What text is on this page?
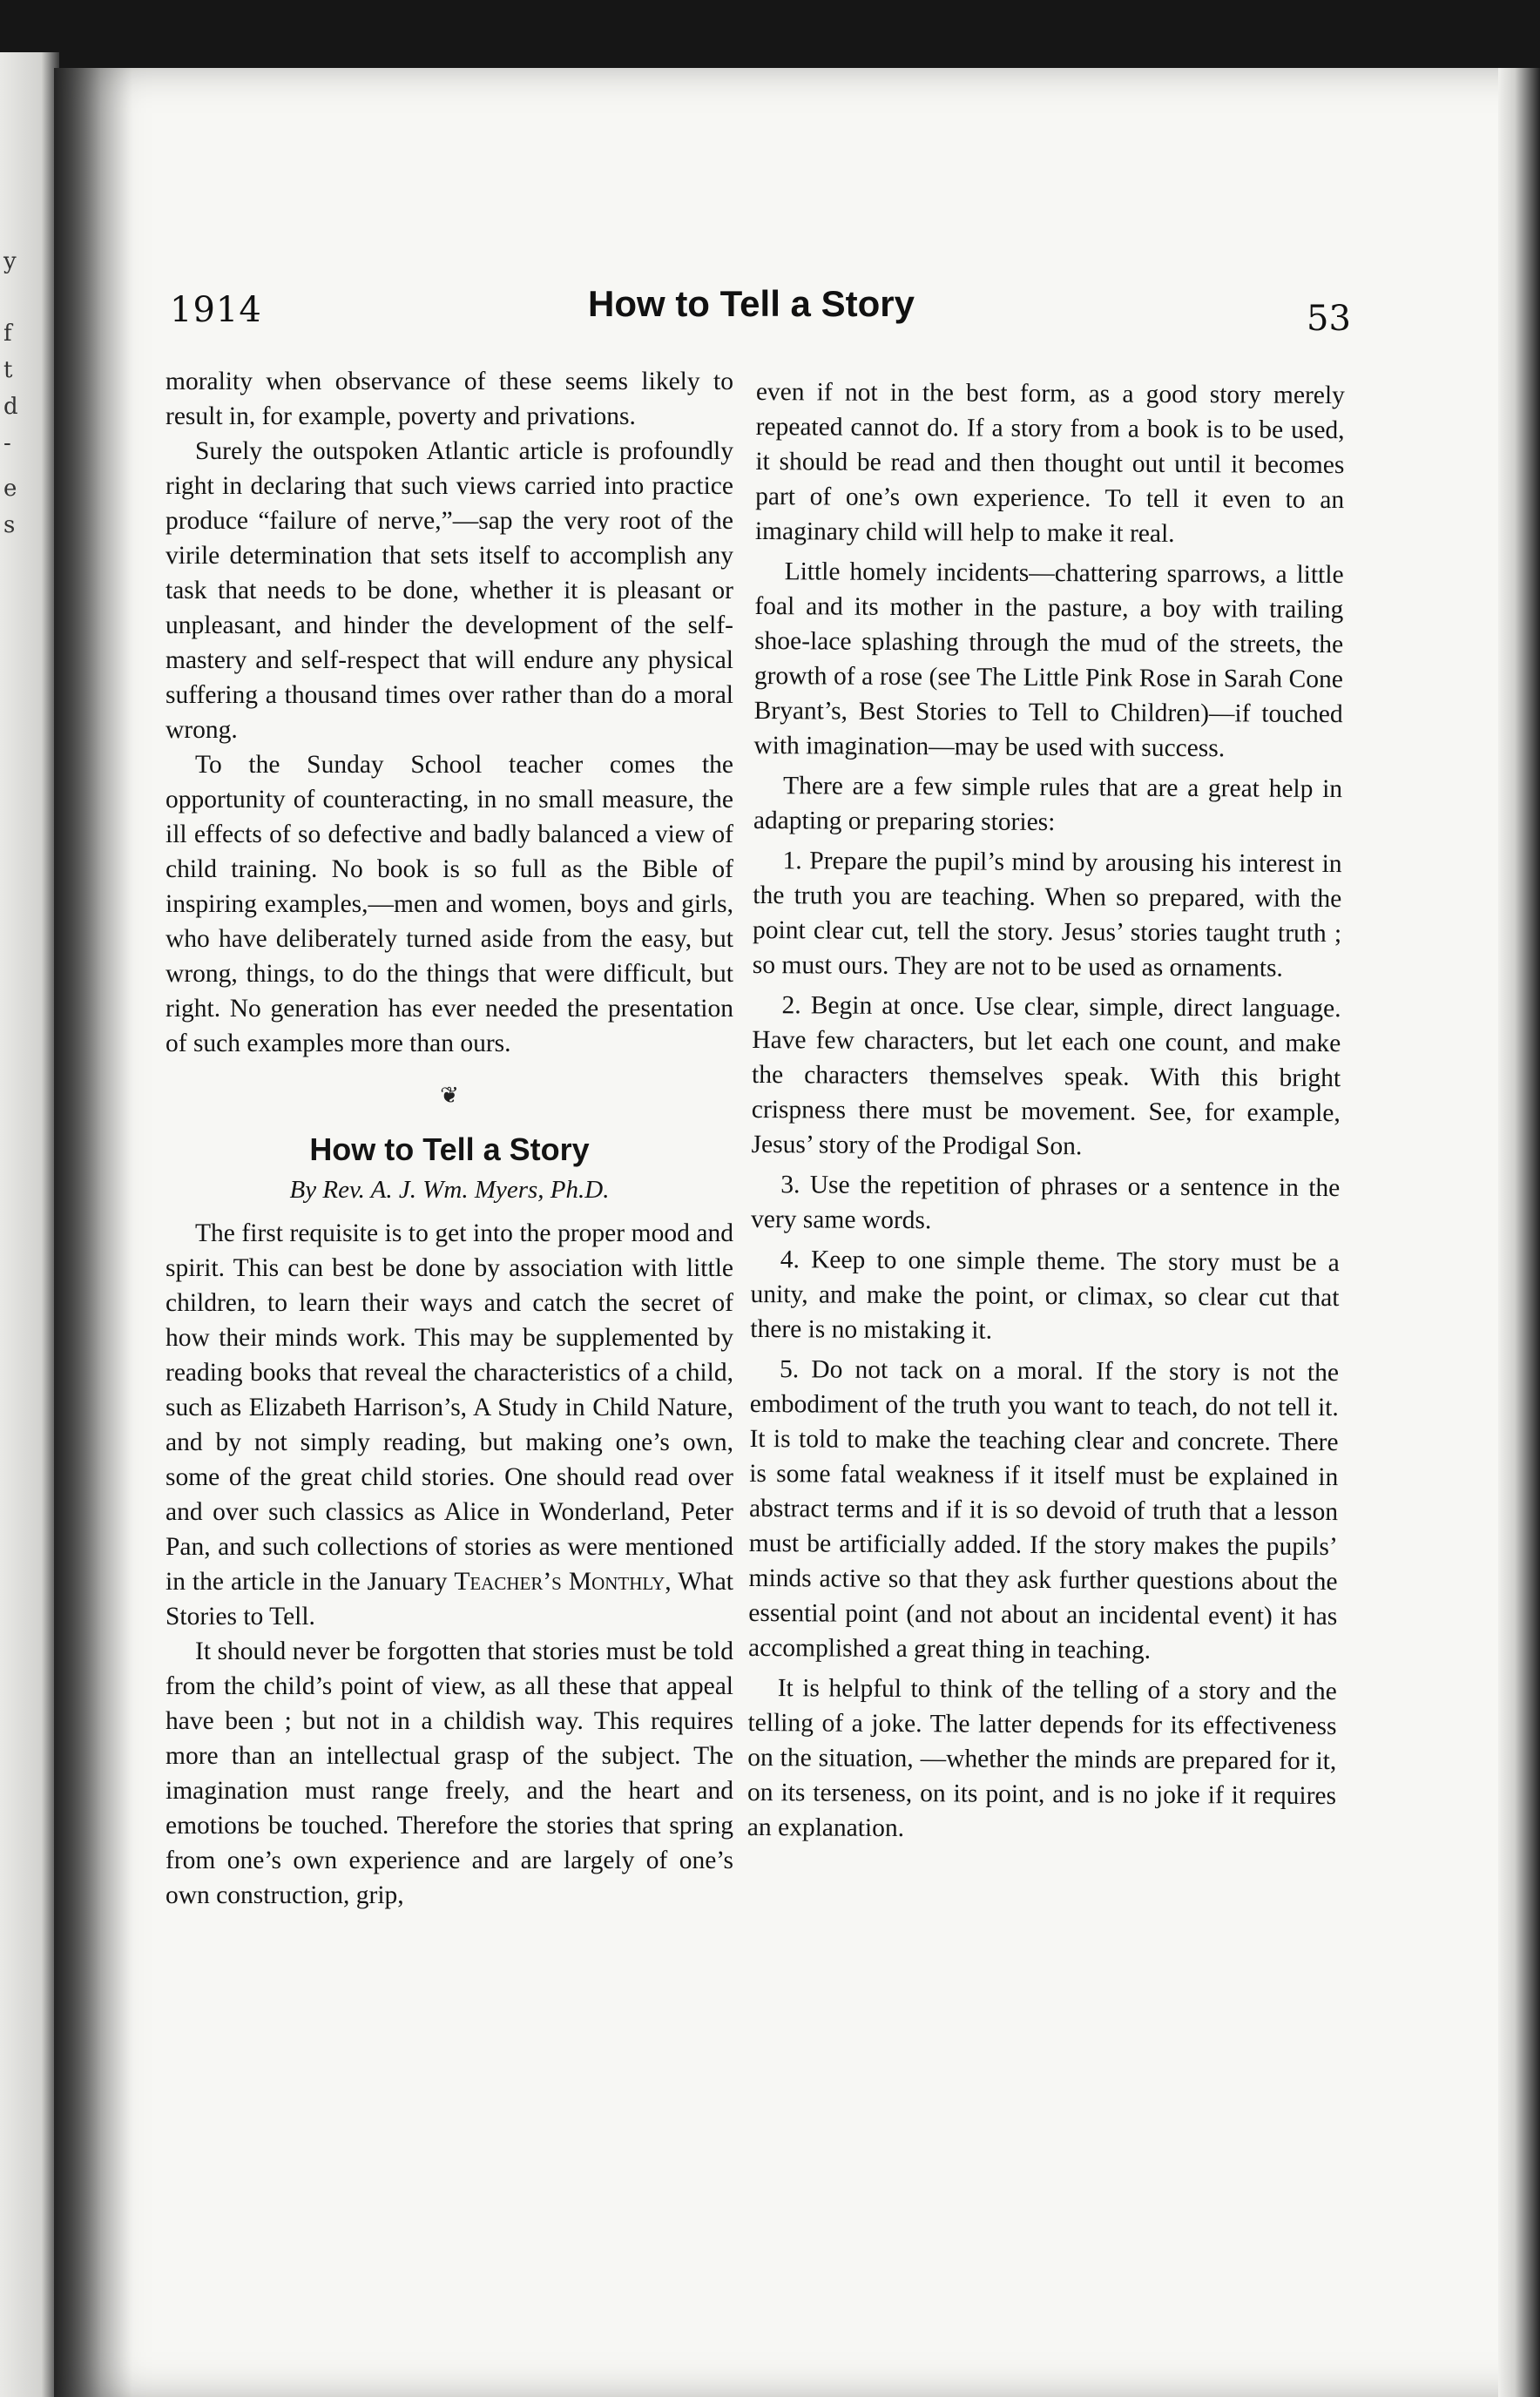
y
f
t
d
-
e
s
1914	How to Tell a Story	53

morality when observance of these seems likely to result in, for example, poverty and privations.

Surely the outspoken Atlantic article is profoundly right in declaring that such views carried into practice produce “failure of nerve,”—sap the very root of the virile determination that sets itself to accomplish any task that needs to be done, whether it is pleasant or unpleasant, and hinder the development of the self-mastery and self-respect that will endure any physical suffering a thousand times over rather than do a moral wrong.

To the Sunday School teacher comes the opportunity of counteracting, in no small measure, the ill effects of so defective and badly balanced a view of child training. No book is so full as the Bible of inspiring examples,—men and women, boys and girls, who have deliberately turned aside from the easy, but wrong, things, to do the things that were difficult, but right. No generation has ever needed the presentation of such examples more than ours.

❦
How to Tell a Story
By Rev. A. J. Wm. Myers, Ph.D.

The first requisite is to get into the proper mood and spirit. This can best be done by association with little children, to learn their ways and catch the secret of how their minds work. This may be supplemented by reading books that reveal the characteristics of a child, such as Elizabeth Harrison’s, A Study in Child Nature, and by not simply reading, but making one’s own, some of the great child stories. One should read over and over such classics as Alice in Wonderland, Peter Pan, and such collections of stories as were mentioned in the article in the January Teacher’s Monthly, What Stories to Tell.

It should never be forgotten that stories must be told from the child’s point of view, as all these that appeal have been ; but not in a childish way. This requires more than an intellectual grasp of the subject. The imagination must range freely, and the heart and emotions be touched. Therefore the stories that spring from one’s own experience and are largely of one’s own construction, grip,

even if not in the best form, as a good story merely repeated cannot do. If a story from a book is to be used, it should be read and then thought out until it becomes part of one’s own experience. To tell it even to an imaginary child will help to make it real.

Little homely incidents—chattering sparrows, a little foal and its mother in the pasture, a boy with trailing shoe-lace splashing through the mud of the streets, the growth of a rose (see The Little Pink Rose in Sarah Cone Bryant’s, Best Stories to Tell to Children)—if touched with imagination—may be used with success.

There are a few simple rules that are a great help in adapting or preparing stories:

1. Prepare the pupil’s mind by arousing his interest in the truth you are teaching. When so prepared, with the point clear cut, tell the story. Jesus’ stories taught truth ; so must ours. They are not to be used as ornaments.

2. Begin at once. Use clear, simple, direct language. Have few characters, but let each one count, and make the characters themselves speak. With this bright crispness there must be movement. See, for example, Jesus’ story of the Prodigal Son.

3. Use the repetition of phrases or a sentence in the very same words.

4. Keep to one simple theme. The story must be a unity, and make the point, or climax, so clear cut that there is no mistaking it.

5. Do not tack on a moral. If the story is not the embodiment of the truth you want to teach, do not tell it. It is told to make the teaching clear and concrete. There is some fatal weakness if it itself must be explained in abstract terms and if it is so devoid of truth that a lesson must be artificially added. If the story makes the pupils’ minds active so that they ask further questions about the essential point (and not about an incidental event) it has accomplished a great thing in teaching.

It is helpful to think of the telling of a story and the telling of a joke. The latter depends for its effectiveness on the situation, —whether the minds are prepared for it, on its terseness, on its point, and is no joke if it requires an explanation.
